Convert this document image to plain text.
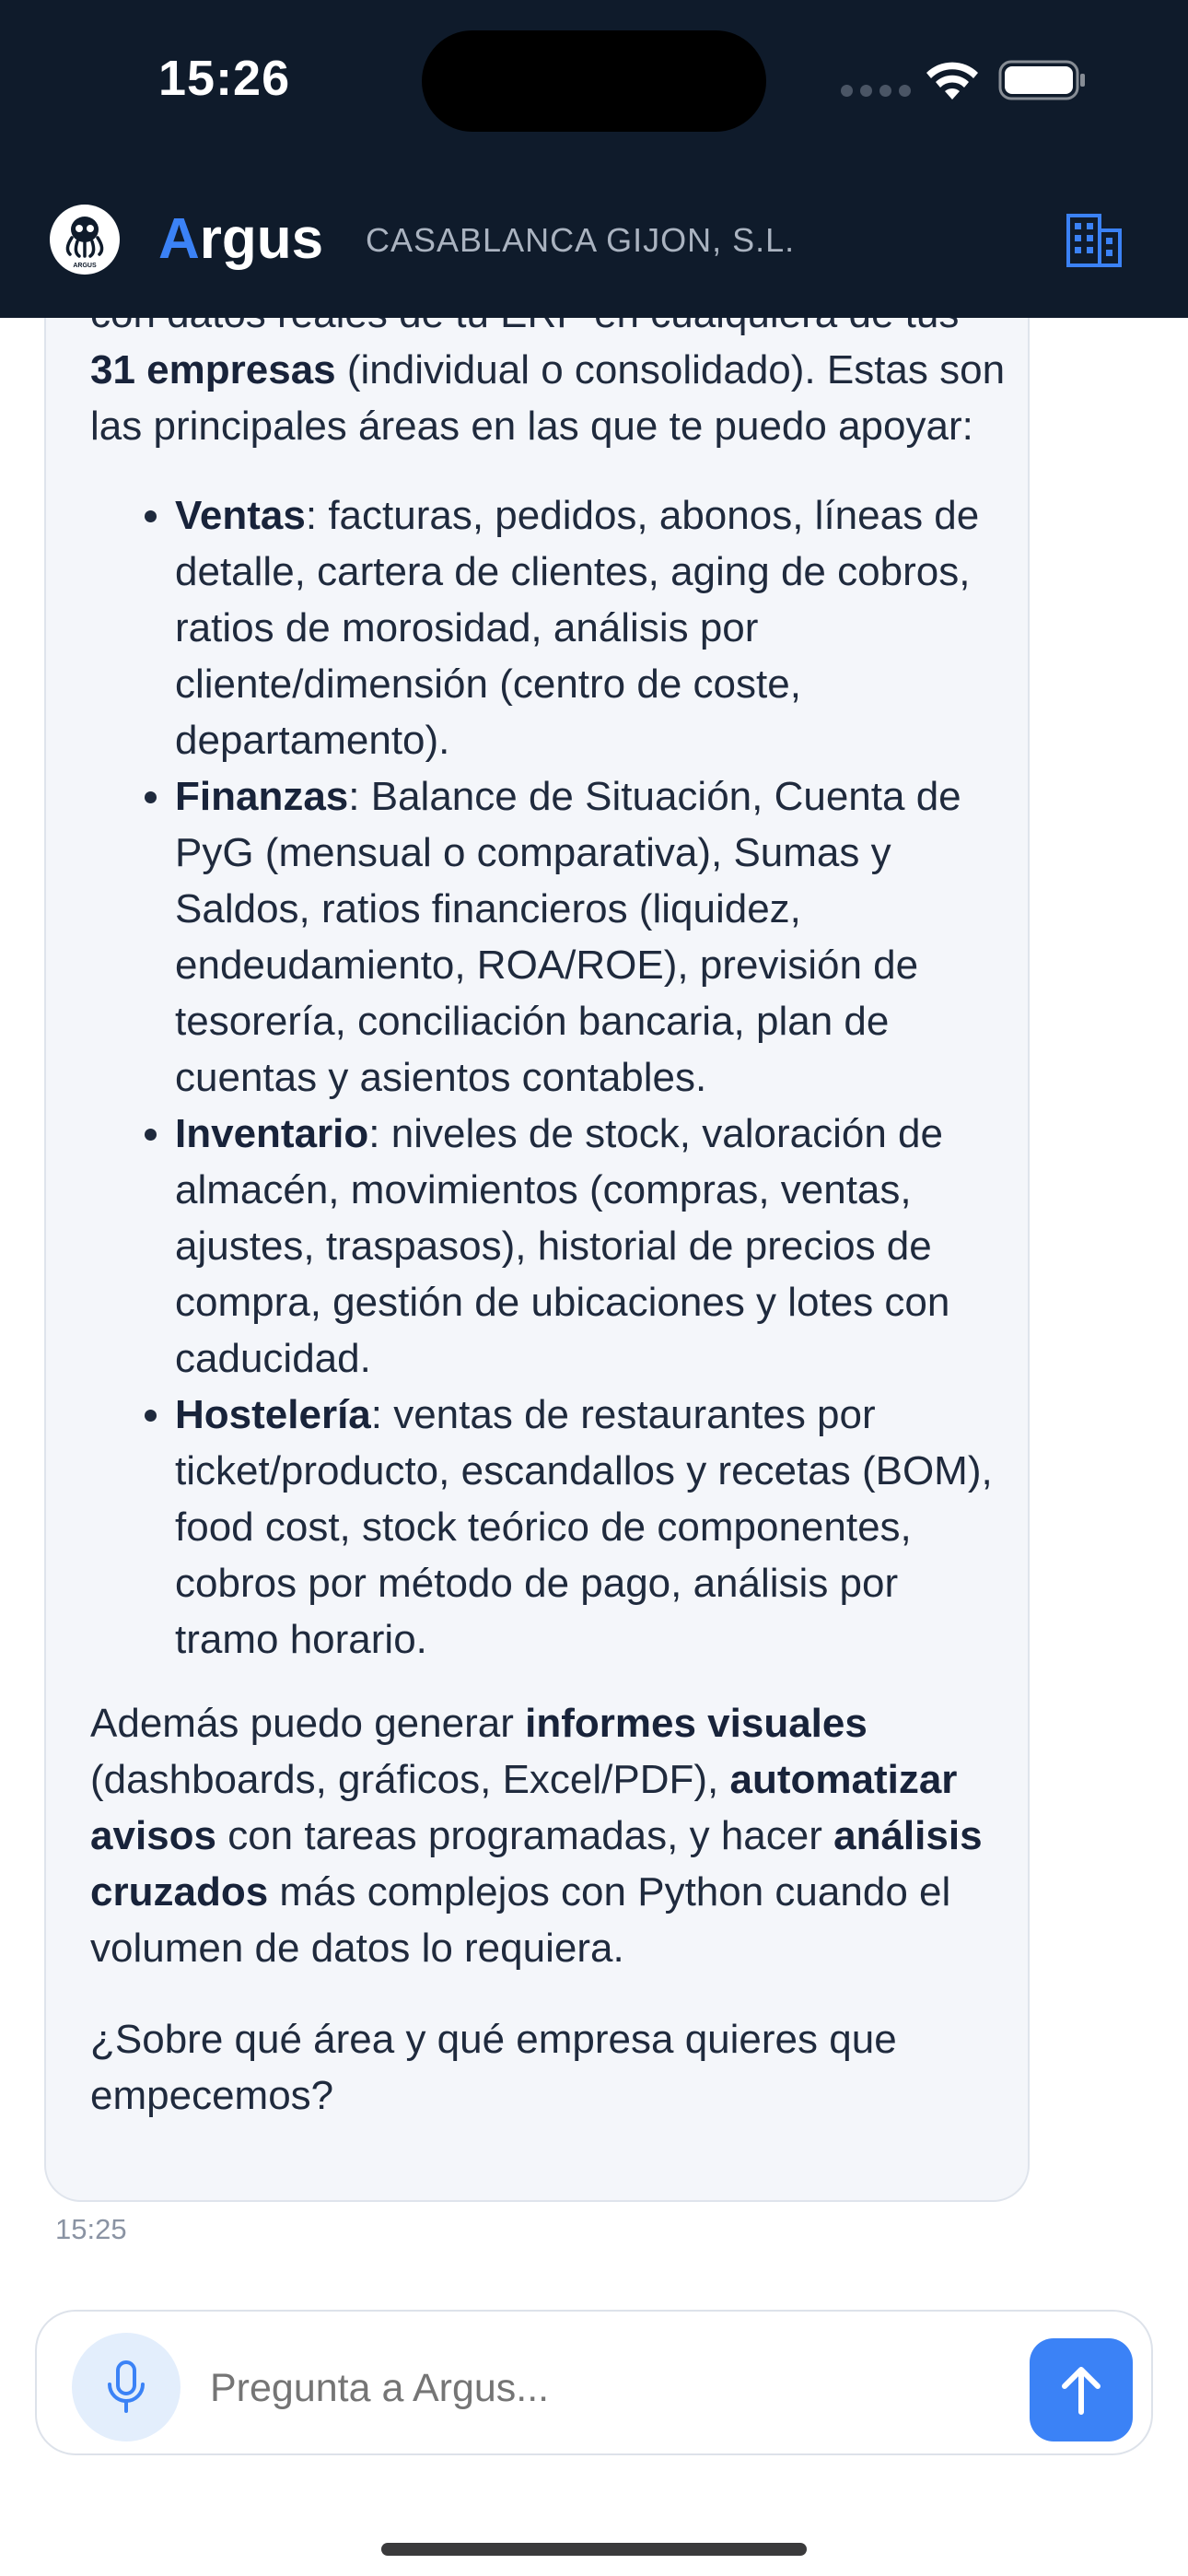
15:26
ARGUS Argus CASABLANCA GIJON, S.L.

31 empresas (individual o consolidado). Estas son las principales áreas en las que te puedo apoyar:

• Ventas: facturas, pedidos, abonos, líneas de detalle, cartera de clientes, aging de cobros, ratios de morosidad, análisis por cliente/dimensión (centro de coste, departamento).
• Finanzas: Balance de Situación, Cuenta de PyG (mensual o comparativa), Sumas y Saldos, ratios financieros (liquidez, endeudamiento, ROA/ROE), previsión de tesorería, conciliación bancaria, plan de cuentas y asientos contables.
• Inventario: niveles de stock, valoración de almacén, movimientos (compras, ventas, ajustes, traspasos), historial de precios de compra, gestión de ubicaciones y lotes con caducidad.
• Hostelería: ventas de restaurantes por ticket/producto, escandallos y recetas (BOM), food cost, stock teórico de componentes, cobros por método de pago, análisis por tramo horario.

Además puedo generar informes visuales (dashboards, gráficos, Excel/PDF), automatizar avisos con tareas programadas, y hacer análisis cruzados más complejos con Python cuando el volumen de datos lo requiera.

¿Sobre qué área y qué empresa quieres que empecemos?

15:25
Pregunta a Argus...
